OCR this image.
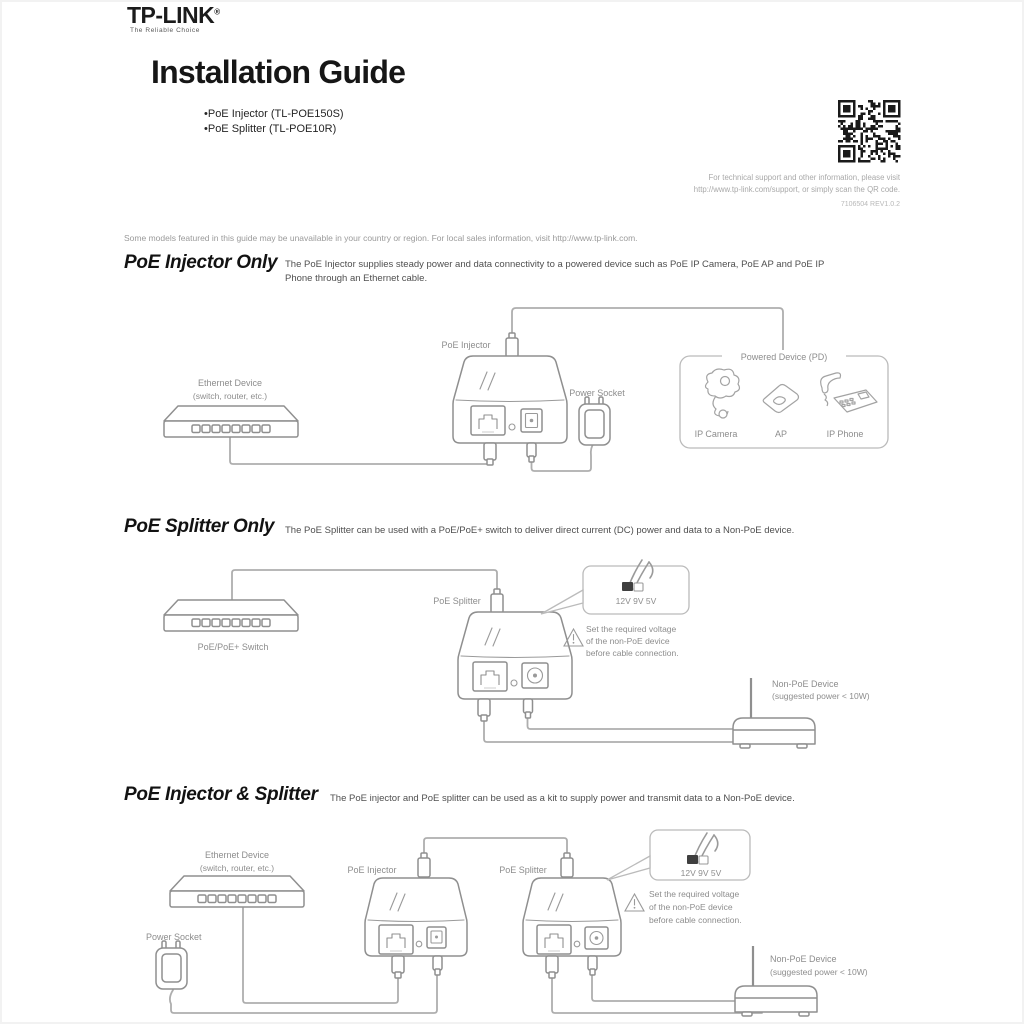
TP-LINK®
The Reliable Choice
Installation Guide
•PoE Injector (TL-POE150S)
•PoE Splitter (TL-POE10R)
For technical support and other information, please visit
http://www.tp-link.com/support, or simply scan the QR code.
7106504 REV1.0.2
Some models featured in this guide may be unavailable in your country or region. For local sales information, visit http://www.tp-link.com.
PoE Injector Only The PoE Injector supplies steady power and data connectivity to a powered device such as PoE IP Camera, PoE AP and PoE IP Phone through an Ethernet cable.
PoE Splitter Only The PoE Splitter can be used with a PoE/PoE+ switch to deliver direct current (DC) power and data to a Non-PoE device.
PoE Injector & Splitter The PoE injector and PoE splitter can be used as a kit to supply power and transmit data to a Non-PoE device.
Ethernet Device
(switch, router, etc.)
PoE Injector
Power Socket
Powered Device (PD)
IP Camera	AP	IP Phone
PoE/PoE+ Switch
PoE Splitter	12V 9V 5V
Set the required voltage
of the non-PoE device
before cable connection.
Non-PoE Device
(suggested power < 10W)
Ethernet Device
(switch, router, etc.)
Power Socket
PoE Injector	PoE Splitter	12V 9V 5V
Set the required voltage
of the non-PoE device
before cable connection.
Non-PoE Device
(suggested power < 10W)
